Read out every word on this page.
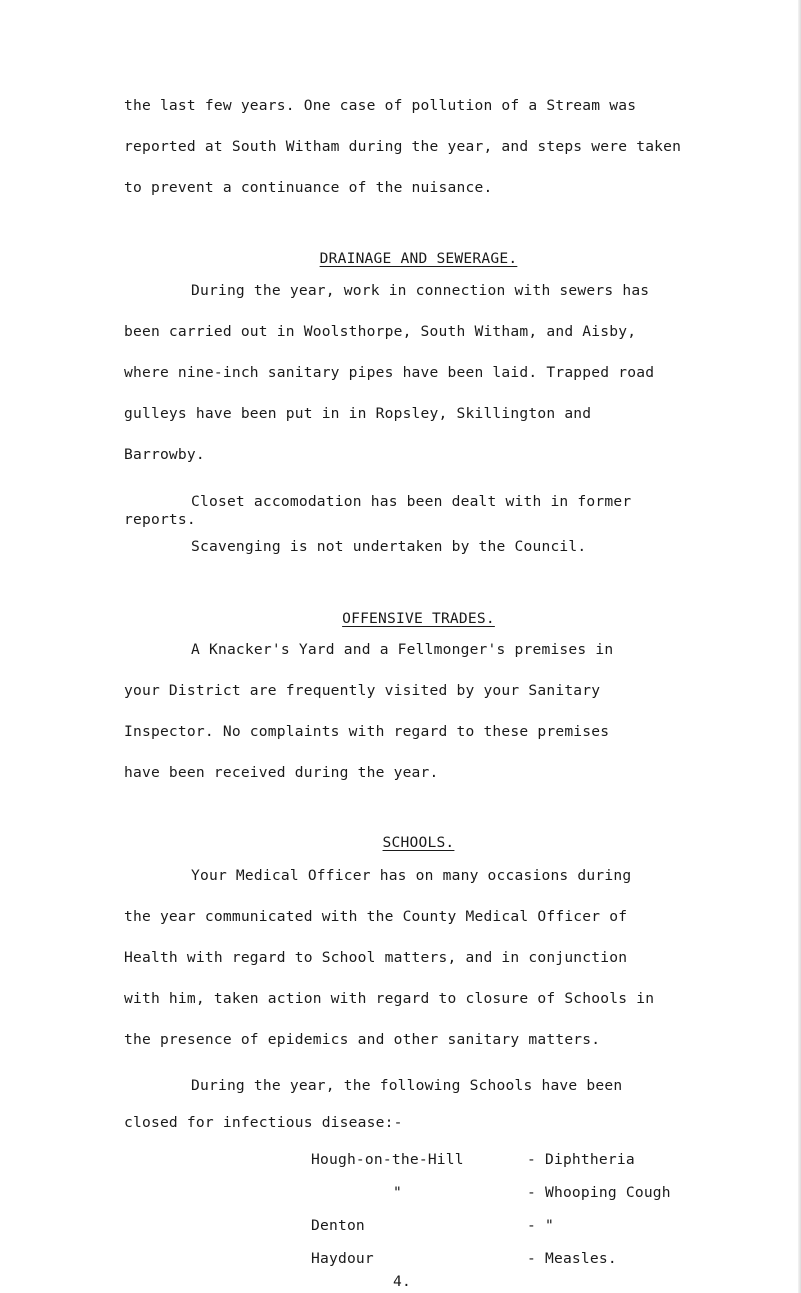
the last few years. One case of pollution of a Stream was
reported at South Witham during the year, and steps were taken
to prevent a continuance of the nuisance.

DRAINAGE AND SEWERAGE.

During the year, work in connection with sewers has
been carried out in Woolsthorpe, South Witham, and Aisby,
where nine-inch sanitary pipes have been laid. Trapped road
gulleys have been put in in Ropsley, Skillington and
Barrowby.
Closet accomodation has been dealt with in former
reports.
Scavenging is not undertaken by the Council.

OFFENSIVE TRADES.

A Knacker's Yard and a Fellmonger's premises in
your District are frequently visited by your Sanitary
Inspector. No complaints with regard to these premises
have been received during the year.

SCHOOLS.

Your Medical Officer has on many occasions during
the year communicated with the County Medical Officer of
Health with regard to School matters, and in conjunction
with him, taken action with regard to closure of Schools in
the presence of epidemics and other sanitary matters.
During the year, the following Schools have been
closed for infectious disease:-
Hough-on-the-Hill	- Diphtheria
"	- Whooping Cough
Denton	- "
Haydour	- Measles.
4.
